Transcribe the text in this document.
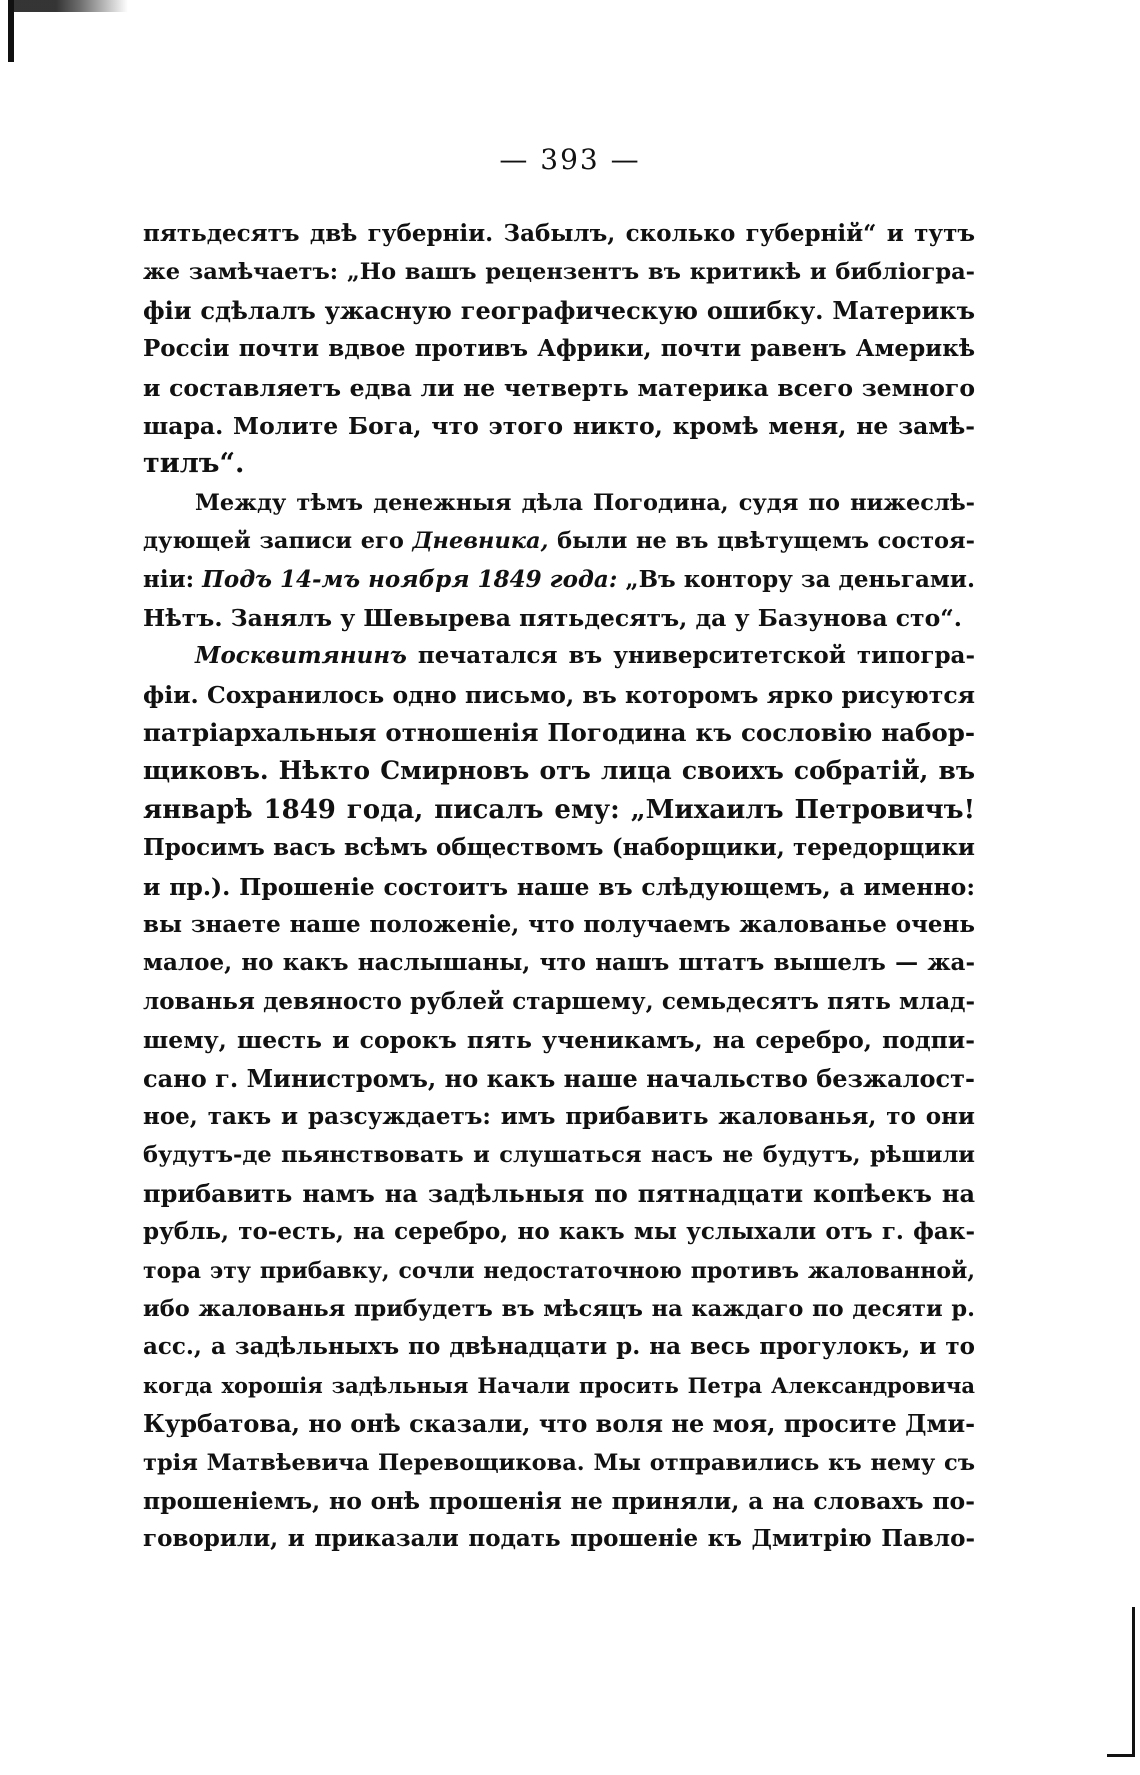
— 393 —
пятьдесятъ двѣ губерніи. Забылъ, сколько губерній“ и тутъ
же замѣчаетъ: „Но вашъ рецензентъ въ критикѣ и библіогра-
фіи сдѣлалъ ужасную географическую ошибку. Материкъ
Россіи почти вдвое противъ Африки, почти равенъ Америкѣ
и составляетъ едва ли не четверть материка всего земного
шара. Молите Бога, что этого никто, кромѣ меня, не замѣ-
тилъ“.
Между тѣмъ денежныя дѣла Погодина, судя по нижеслѣ-
дующей записи его Дневника, были не въ цвѣтущемъ состоя-
ніи: Подъ 14-мъ ноября 1849 года: „Въ контору за деньгами.
Нѣтъ. Занялъ у Шевырева пятьдесятъ, да у Базунова сто“.
Москвитянинъ печатался въ университетской типогра-
фіи. Сохранилось одно письмо, въ которомъ ярко рисуются
патріархальныя отношенія Погодина къ сословію набор-
щиковъ. Нѣкто Смирновъ отъ лица своихъ собратій, въ
январѣ 1849 года, писалъ ему: „Михаилъ Петровичъ!
Просимъ васъ всѣмъ обществомъ (наборщики, тередорщики
и пр.). Прошеніе состоитъ наше въ слѣдующемъ, а именно:
вы знаете наше положеніе, что получаемъ жалованье очень
малое, но какъ наслышаны, что нашъ штатъ вышелъ — жа-
лованья девяносто рублей старшему, семьдесятъ пять млад-
шему, шесть и сорокъ пять ученикамъ, на серебро, подпи-
сано г. Министромъ, но какъ наше начальство безжалост-
ное, такъ и разсуждаетъ: имъ прибавить жалованья, то они
будутъ-де пьянствовать и слушаться насъ не будутъ, рѣшили
прибавить намъ на задѣльныя по пятнадцати копѣекъ на
рубль, то-есть, на серебро, но какъ мы услыхали отъ г. фак-
тора эту прибавку, сочли недостаточною противъ жалованной,
ибо жалованья прибудетъ въ мѣсяцъ на каждаго по десяти р.
асс., а задѣльныхъ по двѣнадцати р. на весь прогулокъ, и то
когда хорошія задѣльныя Начали просить Петра Александровича
Курбатова, но онѣ сказали, что воля не моя, просите Дми-
трія Матвѣевича Перевощикова. Мы отправились къ нему съ
прошеніемъ, но онѣ прошенія не приняли, а на словахъ по-
говорили, и приказали подать прошеніе къ Дмитрію Павло-
